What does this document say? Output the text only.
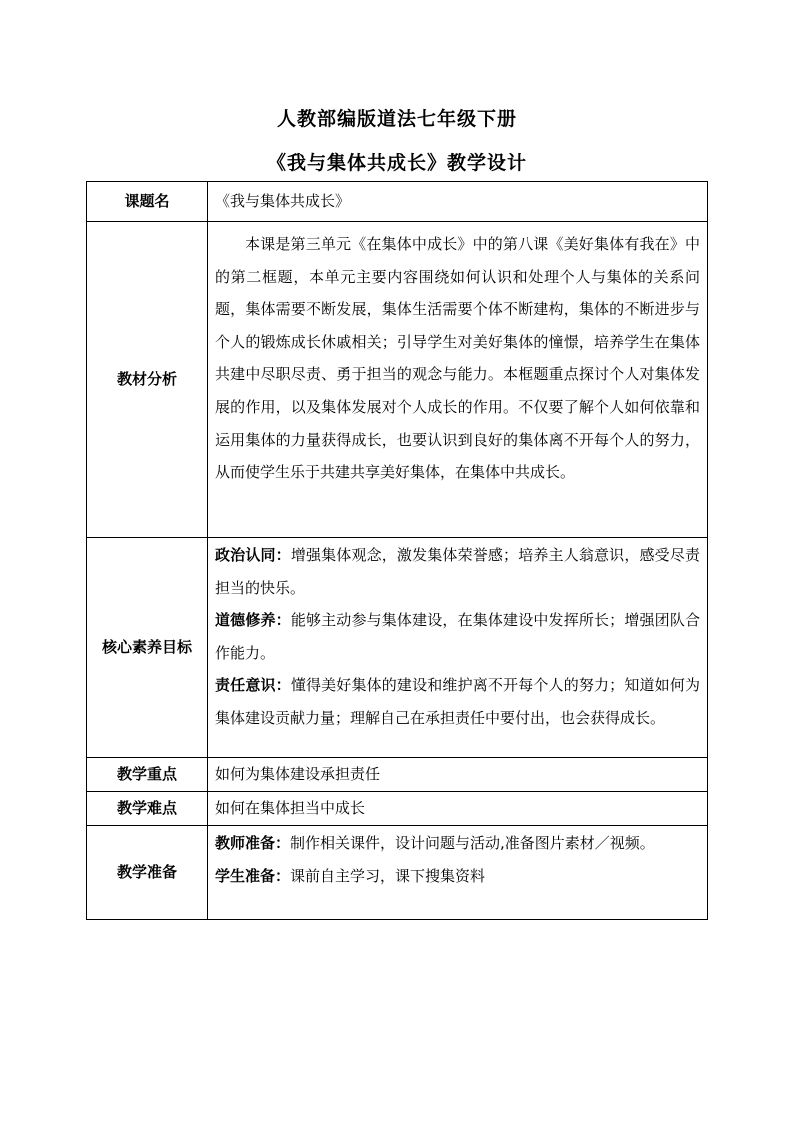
人教部编版道法七年级下册
《我与集体共成长》教学设计
课题名	《我与集体共成长》
教材分析	本课是第三单元《在集体中成长》中的第八课《美好集体有我在》中的第二框题，本单元主要内容围绕如何认识和处理个人与集体的关系问题，集体需要不断发展，集体生活需要个体不断建构，集体的不断进步与个人的锻炼成长休戚相关；引导学生对美好集体的憧憬，培养学生在集体共建中尽职尽责、勇于担当的观念与能力。本框题重点探讨个人对集体发展的作用，以及集体发展对个人成长的作用。不仅要了解个人如何依靠和运用集体的力量获得成长，也要认识到良好的集体离不开每个人的努力，从而使学生乐于共建共享美好集体，在集体中共成长。

核心素养目标	政治认同：增强集体观念，激发集体荣誉感；培养主人翁意识，感受尽责担当的快乐。

道德修养：能够主动参与集体建设，在集体建设中发挥所长；增强团队合作能力。

责任意识：懂得美好集体的建设和维护离不开每个人的努力；知道如何为集体建设贡献力量；理解自己在承担责任中要付出，也会获得成长。

教学重点	如何为集体建设承担责任
教学难点	如何在集体担当中成长
教学准备	教师准备：制作相关课件，设计问题与活动,准备图片素材／视频。

学生准备：课前自主学习，课下搜集资料
